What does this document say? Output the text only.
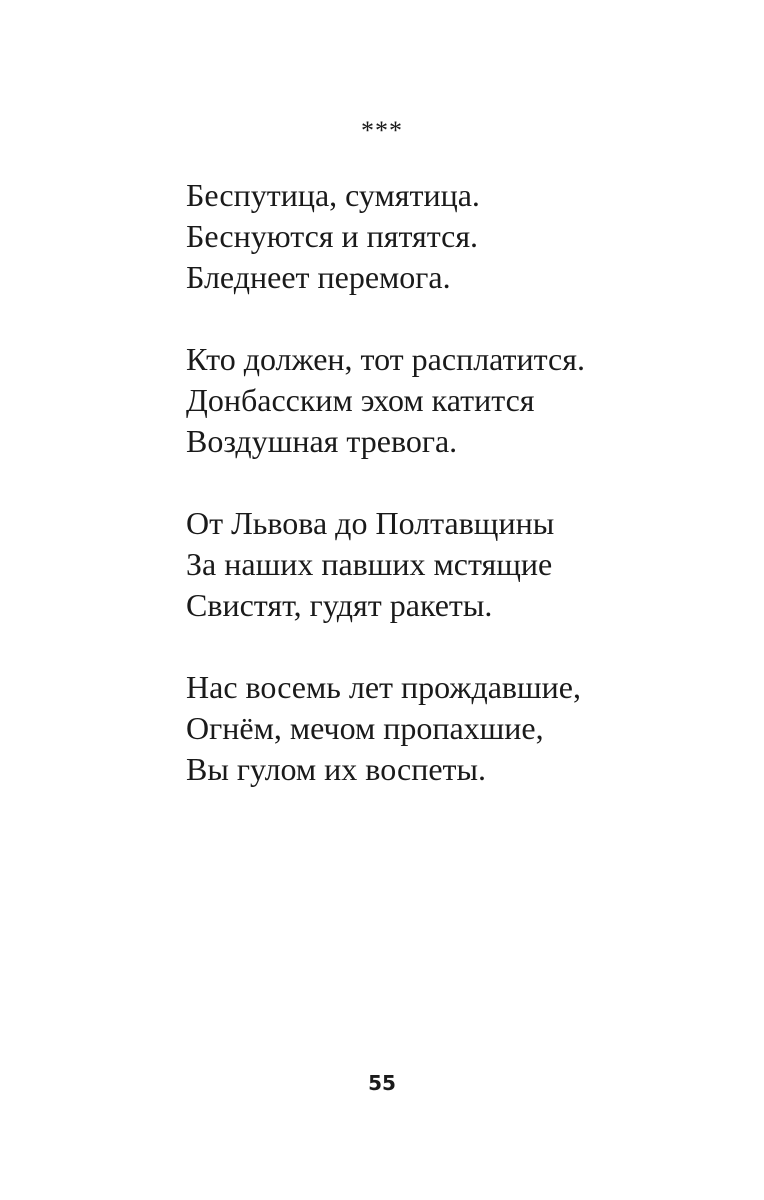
***
Беспутица, сумятица.
Беснуются и пятятся.
Бледнеет перемога.
Кто должен, тот расплатится.
Донбасским эхом катится
Воздушная тревога.
От Львова до Полтавщины
За наших павших мстящие
Свистят, гудят ракеты.
Нас восемь лет прождавшие,
Огнём, мечом пропахшие,
Вы гулом их воспеты.
55
